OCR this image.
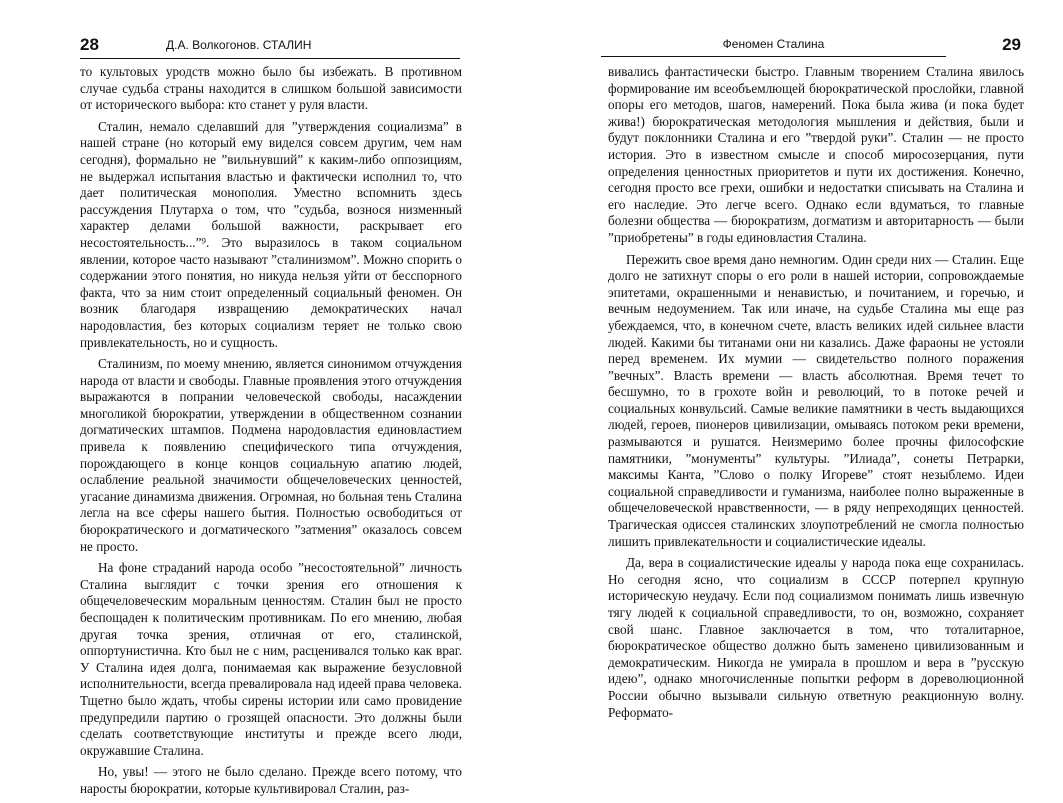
28	Д.А. Волкогонов. СТАЛИН

то культовых уродств можно было бы избежать. В противном случае судьба страны находится в слишком большой зависимости от исторического выбора: кто станет у руля власти.

Сталин, немало сделавший для ”утверждения социализма” в нашей стране (но который ему виделся совсем другим, чем нам сегодня), формально не ”вильнувший” к каким-либо оппозициям, не выдержал испытания властью и фактически исполнил то, что дает политическая монополия. Уместно вспомнить здесь рассуждения Плутарха о том, что ”судьба, вознося низменный характер делами большой важности, раскрывает его несостоятельность...”⁹. Это выразилось в таком социальном явлении, которое часто называют ”сталинизмом”. Можно спорить о содержании этого понятия, но никуда нельзя уйти от бесспорного факта, что за ним стоит определенный социальный феномен. Он возник благодаря извращению демократических начал народовластия, без которых социализм теряет не только свою привлекательность, но и сущность.

Сталинизм, по моему мнению, является синонимом отчуждения народа от власти и свободы. Главные проявления этого отчуждения выражаются в попрании человеческой свободы, насаждении многоликой бюрократии, утверждении в общественном сознании догматических штампов. Подмена народовластия единовластием привела к появлению специфического типа отчуждения, порождающего в конце концов социальную апатию людей, ослабление реальной значимости общечеловеческих ценностей, угасание динамизма движения. Огромная, но больная тень Сталина легла на все сферы нашего бытия. Полностью освободиться от бюрократического и догматического ”затмения” оказалось совсем не просто.

На фоне страданий народа особо ”несостоятельной” личность Сталина выглядит с точки зрения его отношения к общечеловеческим моральным ценностям. Сталин был не просто беспощаден к политическим противникам. По его мнению, любая другая точка зрения, отличная от его, сталинской, оппортунистична. Кто был не с ним, расценивался только как враг. У Сталина идея долга, понимаемая как выражение безусловной исполнительности, всегда превалировала над идеей права человека. Тщетно было ждать, чтобы сирены истории или само провидение предупредили партию о грозящей опасности. Это должны были сделать соответствующие институты и прежде всего люди, окружавшие Сталина.

Но, увы! — этого не было сделано. Прежде всего потому, что наросты бюрократии, которые культивировал Сталин, раз-

Феномен Сталина	29

вивались фантастически быстро. Главным творением Сталина явилось формирование им всеобъемлющей бюрократической прослойки, главной опоры его методов, шагов, намерений. Пока была жива (и пока будет жива!) бюрократическая методология мышления и действия, были и будут поклонники Сталина и его ”твердой руки”. Сталин — не просто история. Это в известном смысле и способ миросозерцания, пути определения ценностных приоритетов и пути их достижения. Конечно, сегодня просто все грехи, ошибки и недостатки списывать на Сталина и его наследие. Это легче всего. Однако если вдуматься, то главные болезни общества — бюрократизм, догматизм и авторитарность — были ”приобретены” в годы единовластия Сталина.

Пережить свое время дано немногим. Один среди них — Сталин. Еще долго не затихнут споры о его роли в нашей истории, сопровождаемые эпитетами, окрашенными и ненавистью, и почитанием, и горечью, и вечным недоумением. Так или иначе, на судьбе Сталина мы еще раз убеждаемся, что, в конечном счете, власть великих идей сильнее власти людей. Какими бы титанами они ни казались. Даже фараоны не устояли перед временем. Их мумии — свидетельство полного поражения ”вечных”. Власть времени — власть абсолютная. Время течет то бесшумно, то в грохоте войн и революций, то в потоке речей и социальных конвульсий. Самые великие памятники в честь выдающихся людей, героев, пионеров цивилизации, омываясь потоком реки времени, размываются и рушатся. Неизмеримо более прочны философские памятники, ”монументы” культуры. ”Илиада”, сонеты Петрарки, максимы Канта, ”Слово о полку Игореве” стоят незыблемо. Идеи социальной справедливости и гуманизма, наиболее полно выраженные в общечеловеческой нравственности, — в ряду непреходящих ценностей. Трагическая одиссея сталинских злоупотреблений не смогла полностью лишить привлекательности и социалистические идеалы.

Да, вера в социалистические идеалы у народа пока еще сохранилась. Но сегодня ясно, что социализм в СССР потерпел крупную историческую неудачу. Если под социализмом понимать лишь извечную тягу людей к социальной справедливости, то он, возможно, сохраняет свой шанс. Главное заключается в том, что тоталитарное, бюрократическое общество должно быть заменено цивилизованным и демократическим. Никогда не умирала в прошлом и вера в ”русскую идею”, однако многочисленные попытки реформ в дореволюционной России обычно вызывали сильную ответную реакционную волну. Реформато-
